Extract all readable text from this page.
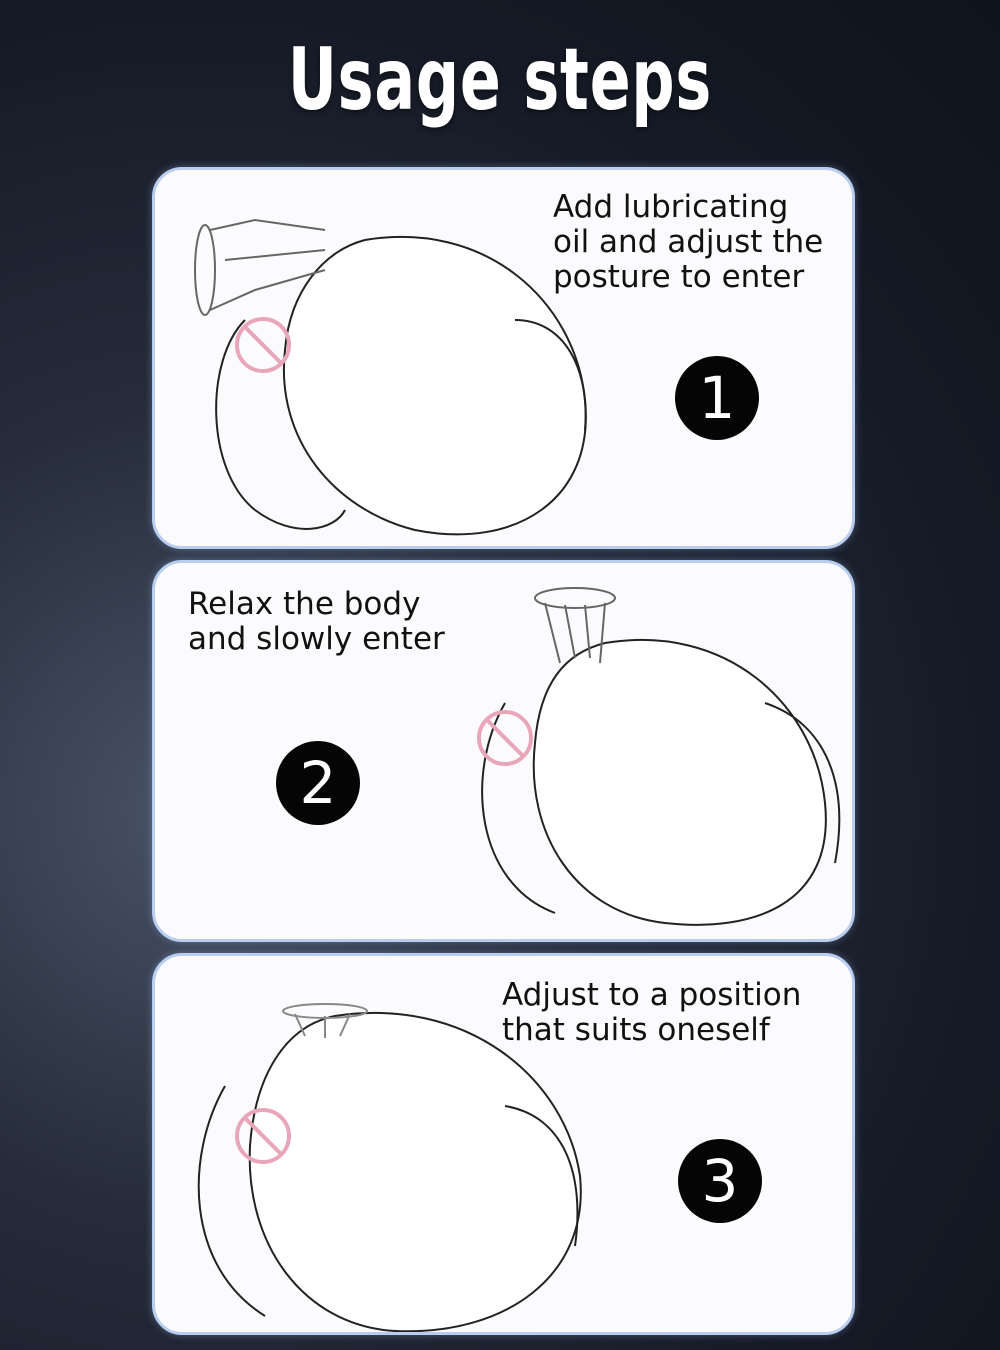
Usage steps
Add lubricating
oil and adjust the
posture to enter
1
Relax the body
and slowly enter
2
Adjust to a position
that suits oneself
3
